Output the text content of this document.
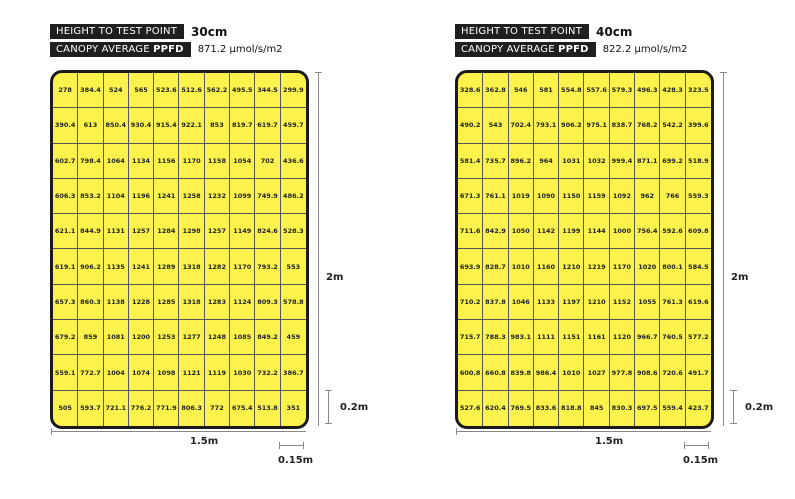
HEIGHT TO TEST POINT	30cm
CANOPY AVERAGE PPFD	871.2 μmol/s/m2
278	384.4	524	565	523.6 512.6 562.2 495.5 344.5 299.9
390.4	613	850.4 930.4 915.4 922.1	853	819.7 619.7 459.7
602.7 798.4 1064	1134	1156	1170	1158	1054	702	436.6
606.3 853.2 1104	1196	1241	1258	1232	1099 749.9 486.2
621.1 844.9 1131	1257	1284	1298	1257	1149 824.6 528.3
619.1 906.2 1135	1241	1289	1318	1282	1170 793.2	553
657.3 860.3 1138	1228	1285	1318	1283	1124 809.3 578.8
679.2	859	1081	1200	1253	1277	1248	1085 849.2	459
559.1 772.7 1004	1074	1098	1121	1119	1030 732.2 386.7
505	593.7 721.1 776.2 771.9 806.3	772	675.4 513.8	351
2m
0.2m
1.5m
0.15m
HEIGHT TO TEST POINT	40cm
CANOPY AVERAGE PPFD	822.2 μmol/s/m2
328.6 362.8	546	581	554.8 557.6 579.3 496.3 428.3 323.5
490.2	543	702.4 793.1 906.2 975.1 838.7 768.2 542.2 399.6
581.4 735.7 896.2	964	1031	1032 999.4 871.1 699.2 518.9
671.3 761.1 1019	1090	1150	1159	1092	962	766	559.3
711.6 842.9 1050	1142	1199	1144	1000 756.4 592.6 609.8
693.9 828.7 1010	1160	1210	1219	1170	1020 800.1 584.5
710.2 837.8 1046	1133	1197	1210	1152	1055 761.3 619.6
715.7 788.3 983.1 1111	1151	1161	1120 966.7 760.5 577.2
600.8 660.8 839.8 986.4 1010	1027 977.8 908.6 720.6 491.7
527.6 620.4 769.5 833.6 818.8	845	830.3 697.5 559.4 423.7
2m
0.2m
1.5m
0.15m
